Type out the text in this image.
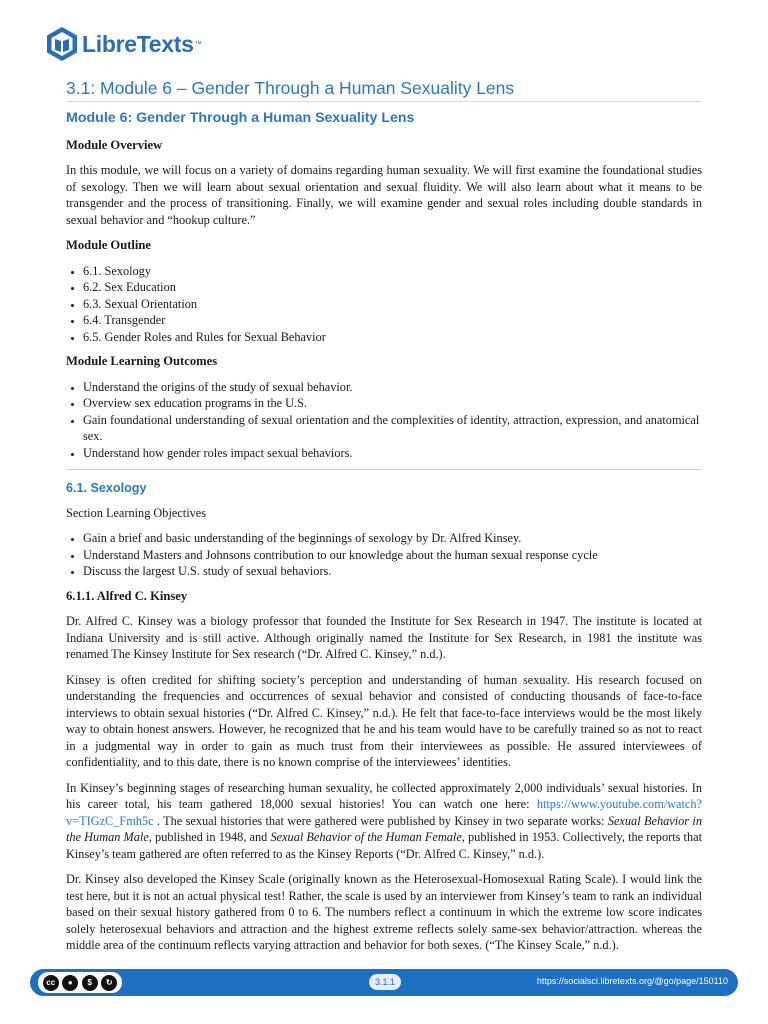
LibreTexts ™
3.1: Module 6 – Gender Through a Human Sexuality Lens
Module 6: Gender Through a Human Sexuality Lens
Module Overview

In this module, we will focus on a variety of domains regarding human sexuality. We will first examine the foundational studies of sexology. Then we will learn about sexual orientation and sexual fluidity. We will also learn about what it means to be transgender and the process of transitioning. Finally, we will examine gender and sexual roles including double standards in sexual behavior and “hookup culture.”

Module Outline
• 6.1. Sexology
• 6.2. Sex Education
• 6.3. Sexual Orientation
• 6.4. Transgender
• 6.5. Gender Roles and Rules for Sexual Behavior
Module Learning Outcomes
• Understand the origins of the study of sexual behavior.
• Overview sex education programs in the U.S.
• Gain foundational understanding of sexual orientation and the complexities of identity, attraction, expression, and anatomical sex.
• Understand how gender roles impact sexual behaviors.
6.1. Sexology
Section Learning Objectives
• Gain a brief and basic understanding of the beginnings of sexology by Dr. Alfred Kinsey.
• Understand Masters and Johnsons contribution to our knowledge about the human sexual response cycle
• Discuss the largest U.S. study of sexual behaviors.
6.1.1. Alfred C. Kinsey

Dr. Alfred C. Kinsey was a biology professor that founded the Institute for Sex Research in 1947. The institute is located at Indiana University and is still active. Although originally named the Institute for Sex Research, in 1981 the institute was renamed The Kinsey Institute for Sex research (“Dr. Alfred C. Kinsey,” n.d.).

Kinsey is often credited for shifting society’s perception and understanding of human sexuality. His research focused on understanding the frequencies and occurrences of sexual behavior and consisted of conducting thousands of face-to-face interviews to obtain sexual histories (“Dr. Alfred C. Kinsey,” n.d.). He felt that face-to-face interviews would be the most likely way to obtain honest answers. However, he recognized that he and his team would have to be carefully trained so as not to react in a judgmental way in order to gain as much trust from their interviewees as possible. He assured interviewees of confidentiality, and to this date, there is no known comprise of the interviewees’ identities.

In Kinsey’s beginning stages of researching human sexuality, he collected approximately 2,000 individuals’ sexual histories. In his career total, his team gathered 18,000 sexual histories! You can watch one here: https://www.youtube.com/watch?v=TIGzC_Fmh5c . The sexual histories that were gathered were published by Kinsey in two separate works: Sexual Behavior in the Human Male, published in 1948, and Sexual Behavior of the Human Female, published in 1953. Collectively, the reports that Kinsey’s team gathered are often referred to as the Kinsey Reports (“Dr. Alfred C. Kinsey,” n.d.).

Dr. Kinsey also developed the Kinsey Scale (originally known as the Heterosexual-Homosexual Rating Scale). I would link the test here, but it is not an actual physical test! Rather, the scale is used by an interviewer from Kinsey’s team to rank an individual based on their sexual history gathered from 0 to 6. The numbers reflect a continuum in which the extreme low score indicates solely heterosexual behaviors and attraction and the highest extreme reflects solely same-sex behavior/attraction. whereas the middle area of the continuum reflects varying attraction and behavior for both sexes. (“The Kinsey Scale,” n.d.).

cc	●	$	↻	3.1.1	https://socialsci.libretexts.org/@go/page/150110
